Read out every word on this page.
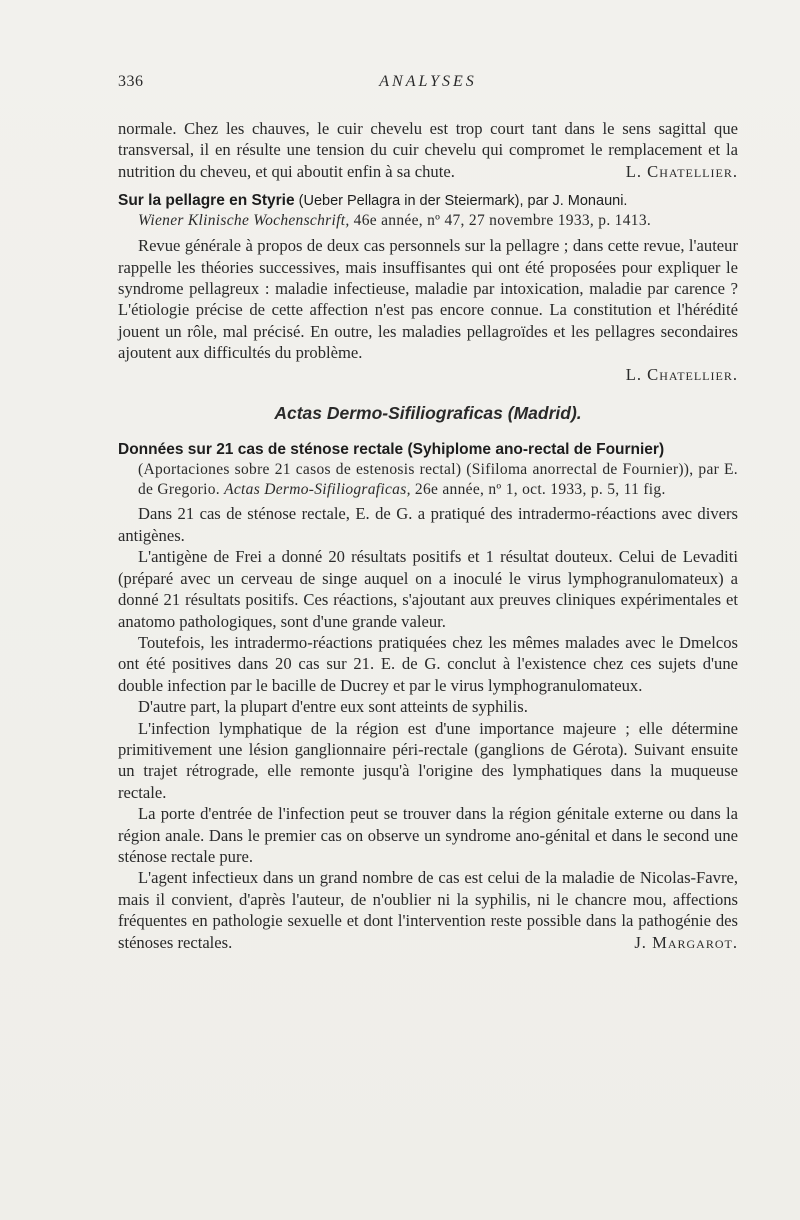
336	ANALYSES

normale. Chez les chauves, le cuir chevelu est trop court tant dans le sens sagittal que transversal, il en résulte une tension du cuir chevelu qui compromet le remplacement et la nutrition du cheveu, et qui aboutit enfin à sa chute.	L. Chatellier.

Sur la pellagre en Styrie (Ueber Pellagra in der Steiermark), par J. Monauni.

Wiener Klinische Wochenschrift, 46e année, nº 47, 27 novembre 1933, p. 1413.

Revue générale à propos de deux cas personnels sur la pellagre ; dans cette revue, l'auteur rappelle les théories successives, mais insuffisantes qui ont été proposées pour expliquer le syndrome pellagreux : maladie infectieuse, maladie par intoxication, maladie par carence ? L'étiologie précise de cette affection n'est pas encore connue. La constitution et l'hérédité jouent un rôle, mal précisé. En outre, les maladies pellagroïdes et les pellagres secondaires ajoutent aux difficultés du problème.

L. Chatellier.

Actas Dermo-Sifiliograficas (Madrid).

Données sur 21 cas de sténose rectale (Syhiplome ano-rectal de Fournier)

(Aportaciones sobre 21 casos de estenosis rectal) (Sifiloma anorrectal de Fournier)), par E. de Gregorio. Actas Dermo-Sifiliograficas, 26e année, nº 1, oct. 1933, p. 5, 11 fig.

Dans 21 cas de sténose rectale, E. de G. a pratiqué des intradermo-réactions avec divers antigènes.

L'antigène de Frei a donné 20 résultats positifs et 1 résultat douteux. Celui de Levaditi (préparé avec un cerveau de singe auquel on a inoculé le virus lymphogranulomateux) a donné 21 résultats positifs. Ces réactions, s'ajoutant aux preuves cliniques expérimentales et anatomo pathologiques, sont d'une grande valeur.

Toutefois, les intradermo-réactions pratiquées chez les mêmes malades avec le Dmelcos ont été positives dans 20 cas sur 21. E. de G. conclut à l'existence chez ces sujets d'une double infection par le bacille de Ducrey et par le virus lymphogranulomateux.

D'autre part, la plupart d'entre eux sont atteints de syphilis.

L'infection lymphatique de la région est d'une importance majeure ; elle détermine primitivement une lésion ganglionnaire péri-rectale (ganglions de Gérota). Suivant ensuite un trajet rétrograde, elle remonte jusqu'à l'origine des lymphatiques dans la muqueuse rectale.

La porte d'entrée de l'infection peut se trouver dans la région génitale externe ou dans la région anale. Dans le premier cas on observe un syndrome ano-génital et dans le second une sténose rectale pure.

L'agent infectieux dans un grand nombre de cas est celui de la maladie de Nicolas-Favre, mais il convient, d'après l'auteur, de n'oublier ni la syphilis, ni le chancre mou, affections fréquentes en pathologie sexuelle et dont l'intervention reste possible dans la pathogénie des sténoses rectales.	J. Margarot.
